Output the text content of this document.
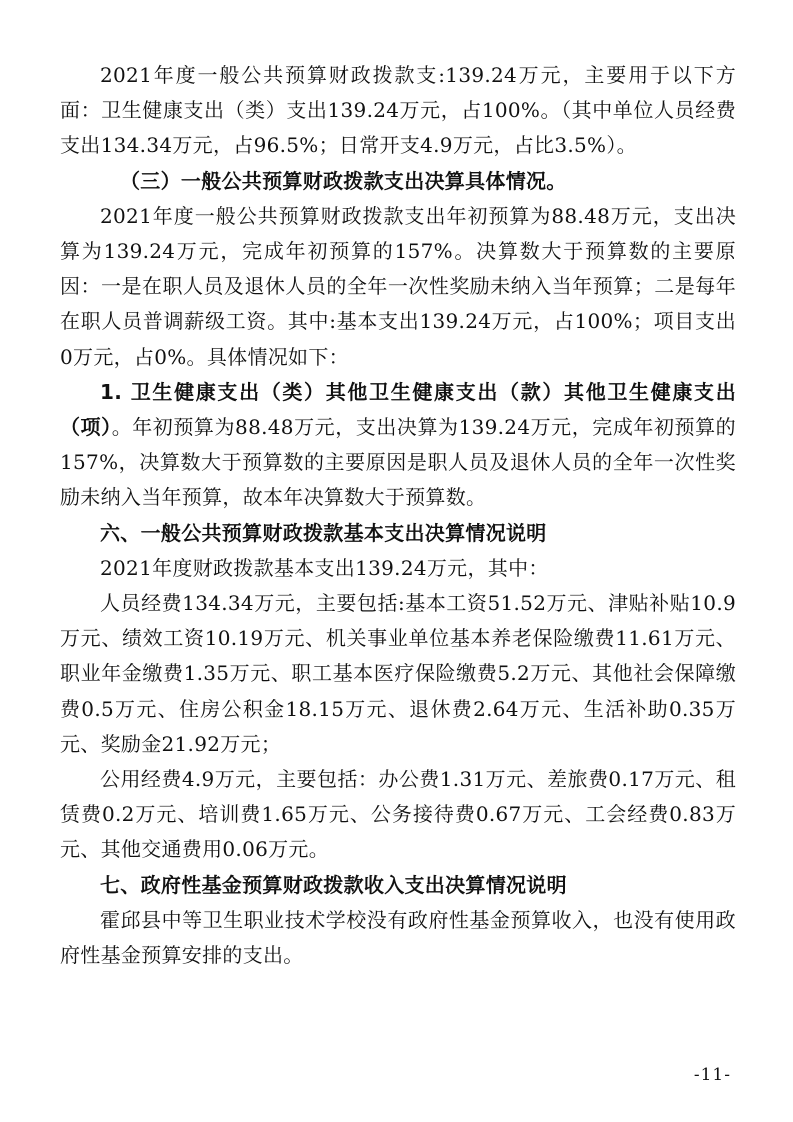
2021年度一般公共预算财政拨款支:139.24万元，主要用于以下方面：卫生健康支出（类）支出139.24万元，占100%。（其中单位人员经费支出134.34万元，占96.5%；日常开支4.9万元，占比3.5%）。

（三）一般公共预算财政拨款支出决算具体情况。

2021年度一般公共预算财政拨款支出年初预算为88.48万元，支出决算为139.24万元，完成年初预算的157%。决算数大于预算数的主要原因：一是在职人员及退休人员的全年一次性奖励未纳入当年预算；二是每年在职人员普调薪级工资。其中:基本支出139.24万元，占100%；项目支出0万元，占0%。具体情况如下：

1. 卫生健康支出（类）其他卫生健康支出（款）其他卫生健康支出（项）。年初预算为88.48万元，支出决算为139.24万元，完成年初预算的157%，决算数大于预算数的主要原因是职人员及退休人员的全年一次性奖励未纳入当年预算，故本年决算数大于预算数。

六、一般公共预算财政拨款基本支出决算情况说明

2021年度财政拨款基本支出139.24万元，其中：

人员经费134.34万元，主要包括:基本工资51.52万元、津贴补贴10.9万元、绩效工资10.19万元、机关事业单位基本养老保险缴费11.61万元、职业年金缴费1.35万元、职工基本医疗保险缴费5.2万元、其他社会保障缴费0.5万元、住房公积金18.15万元、退休费2.64万元、生活补助0.35万元、奖励金21.92万元；

公用经费4.9万元，主要包括：办公费1.31万元、差旅费0.17万元、租赁费0.2万元、培训费1.65万元、公务接待费0.67万元、工会经费0.83万元、其他交通费用0.06万元。

七、政府性基金预算财政拨款收入支出决算情况说明

霍邱县中等卫生职业技术学校没有政府性基金预算收入，也没有使用政府性基金预算安排的支出。

-11-
